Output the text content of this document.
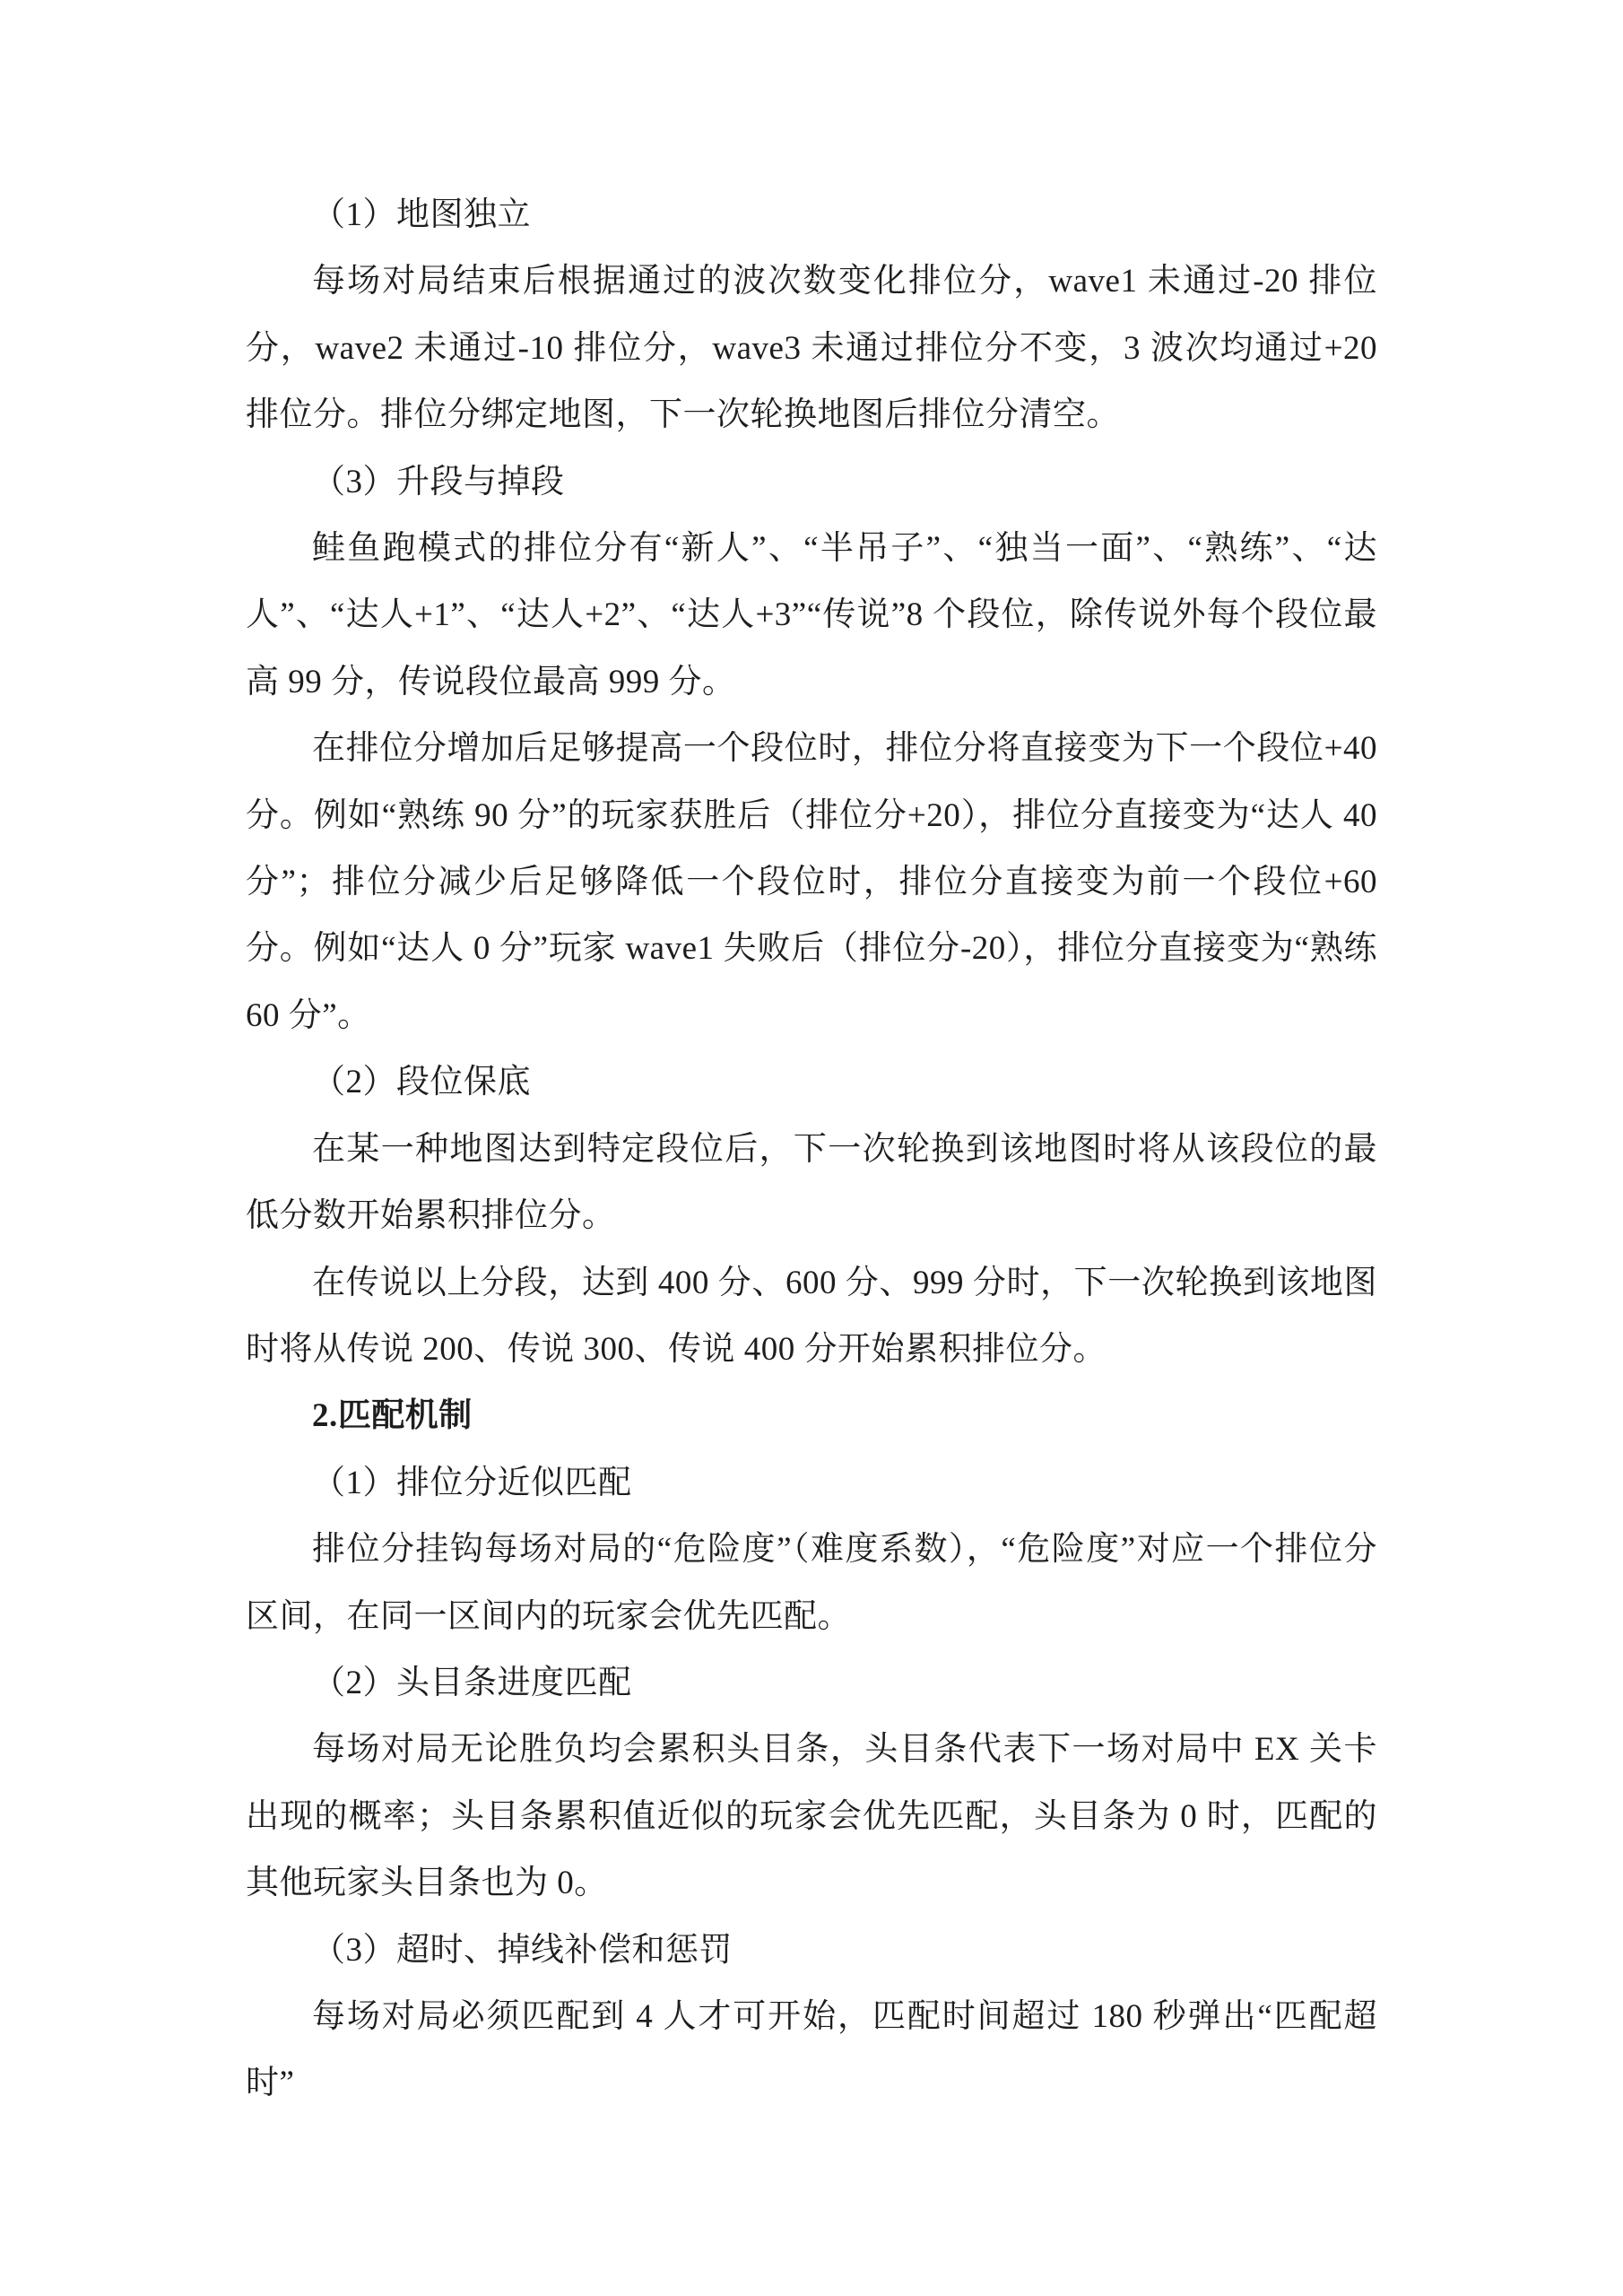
（1）地图独立

每场对局结束后根据通过的波次数变化排位分，wave1 未通过-20 排位分，wave2 未通过-10 排位分，wave3 未通过排位分不变，3 波次均通过+20 排位分。排位分绑定地图，下一次轮换地图后排位分清空。

（3）升段与掉段

鲑鱼跑模式的排位分有“新人”、“半吊子”、“独当一面”、“熟练”、“达人”、“达人+1”、“达人+2”、“达人+3”“传说”8 个段位，除传说外每个段位最高 99 分，传说段位最高 999 分。

在排位分增加后足够提高一个段位时，排位分将直接变为下一个段位+40 分。例如“熟练 90 分”的玩家获胜后（排位分+20），排位分直接变为“达人 40 分”；排位分减少后足够降低一个段位时，排位分直接变为前一个段位+60 分。例如“达人 0 分”玩家 wave1 失败后（排位分-20），排位分直接变为“熟练 60 分”。

（2）段位保底

在某一种地图达到特定段位后，下一次轮换到该地图时将从该段位的最低分数开始累积排位分。

在传说以上分段，达到 400 分、600 分、999 分时，下一次轮换到该地图时将从传说 200、传说 300、传说 400 分开始累积排位分。

2.匹配机制

（1）排位分近似匹配

排位分挂钩每场对局的“危险度”（难度系数），“危险度”对应一个排位分区间，在同一区间内的玩家会优先匹配。

（2）头目条进度匹配

每场对局无论胜负均会累积头目条，头目条代表下一场对局中 EX 关卡出现的概率；头目条累积值近似的玩家会优先匹配，头目条为 0 时，匹配的其他玩家头目条也为 0。

（3）超时、掉线补偿和惩罚

每场对局必须匹配到 4 人才可开始，匹配时间超过 180 秒弹出“匹配超时”
